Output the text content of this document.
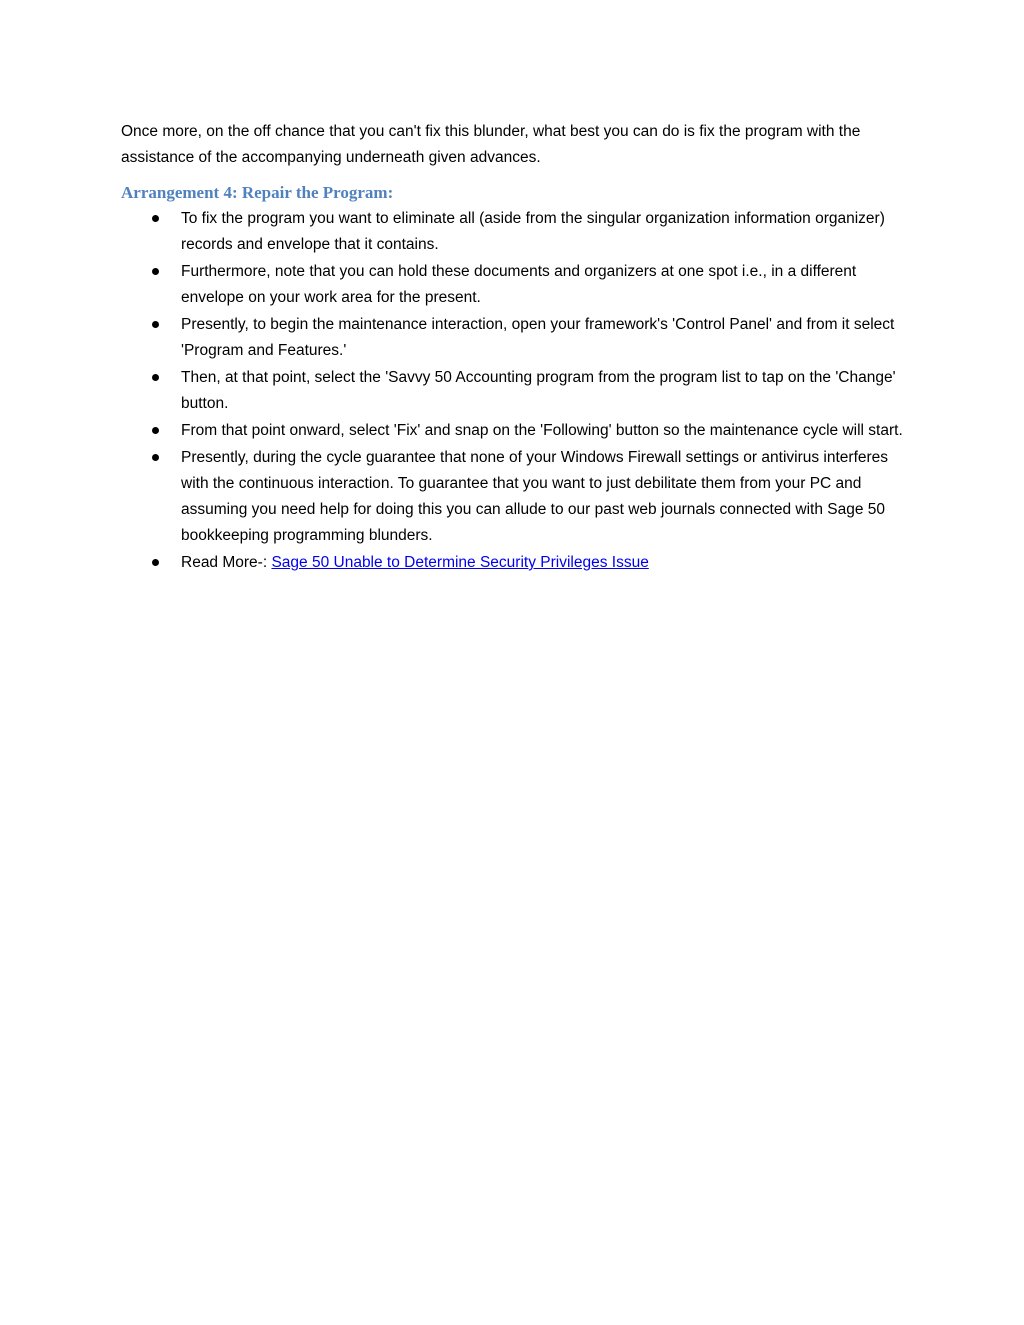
Once more, on the off chance that you can't fix this blunder, what best you can do is fix the program with the assistance of the accompanying underneath given advances.

Arrangement 4: Repair the Program:
To fix the program you want to eliminate all (aside from the singular organization information organizer) records and envelope that it contains.
Furthermore, note that you can hold these documents and organizers at one spot i.e., in a different envelope on your work area for the present.
Presently, to begin the maintenance interaction, open your framework's 'Control Panel' and from it select 'Program and Features.'
Then, at that point, select the 'Savvy 50 Accounting program from the program list to tap on the 'Change' button.
From that point onward, select 'Fix' and snap on the 'Following' button so the maintenance cycle will start.
Presently, during the cycle guarantee that none of your Windows Firewall settings or antivirus interferes with the continuous interaction. To guarantee that you want to just debilitate them from your PC and assuming you need help for doing this you can allude to our past web journals connected with Sage 50 bookkeeping programming blunders.
Read More-: Sage 50 Unable to Determine Security Privileges Issue
